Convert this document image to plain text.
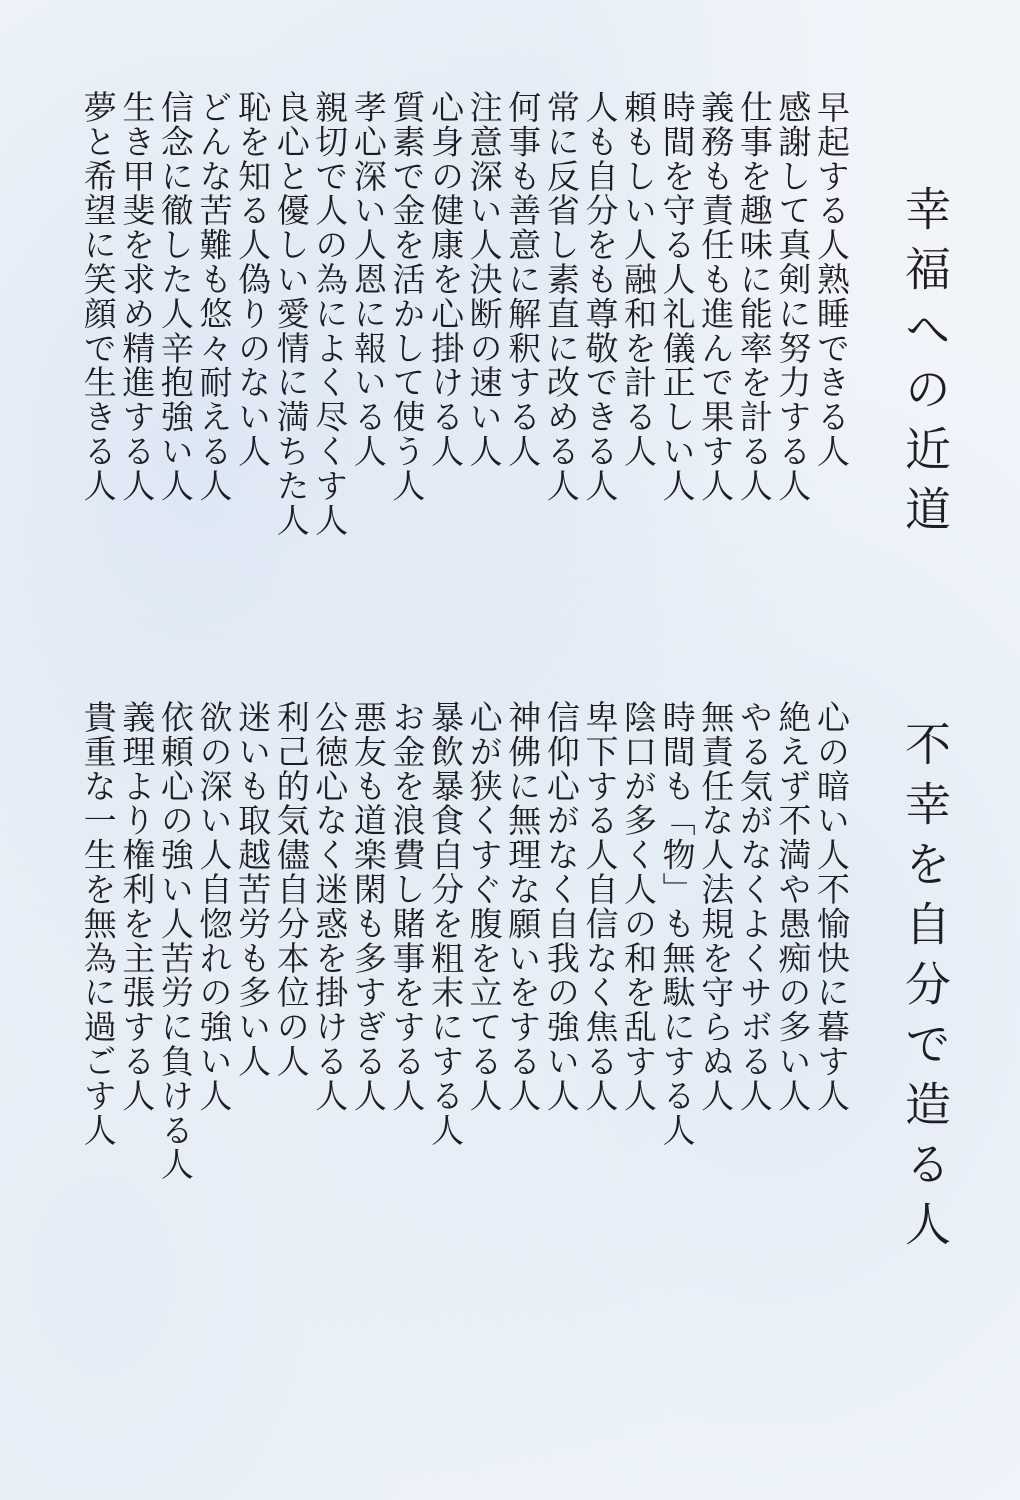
幸福への近道
早起する人熟睡できる人
感謝して真剣に努力する人
仕事を趣味に能率を計る人
義務も責任も進んで果す人
時間を守る人礼儀正しい人
頼もしい人融和を計る人
人も自分をも尊敬できる人
常に反省し素直に改める人
何事も善意に解釈する人
注意深い人決断の速い人
心身の健康を心掛ける人
質素で金を活かして使う人
孝心深い人恩に報いる人
親切で人の為によく尽くす人
良心と優しい愛情に満ちた人
恥を知る人偽りのない人
どんな苦難も悠々耐える人
信念に徹した人辛抱強い人
生き甲斐を求め精進する人
夢と希望に笑顔で生きる人
不幸を自分で造る人
心の暗い人不愉快に暮す人
絶えず不満や愚痴の多い人
やる気がなくよくサボる人
無責任な人法規を守らぬ人
時間も「物」も無駄にする人
陰口が多く人の和を乱す人
卑下する人自信なく焦る人
信仰心がなく自我の強い人
神佛に無理な願いをする人
心が狭くすぐ腹を立てる人
暴飲暴食自分を粗末にする人
お金を浪費し賭事をする人
悪友も道楽閑も多すぎる人
公徳心なく迷惑を掛ける人
利己的気儘自分本位の人
迷いも取越苦労も多い人
欲の深い人自惚れの強い人
依頼心の強い人苦労に負ける人
義理より権利を主張する人
貴重な一生を無為に過ごす人
